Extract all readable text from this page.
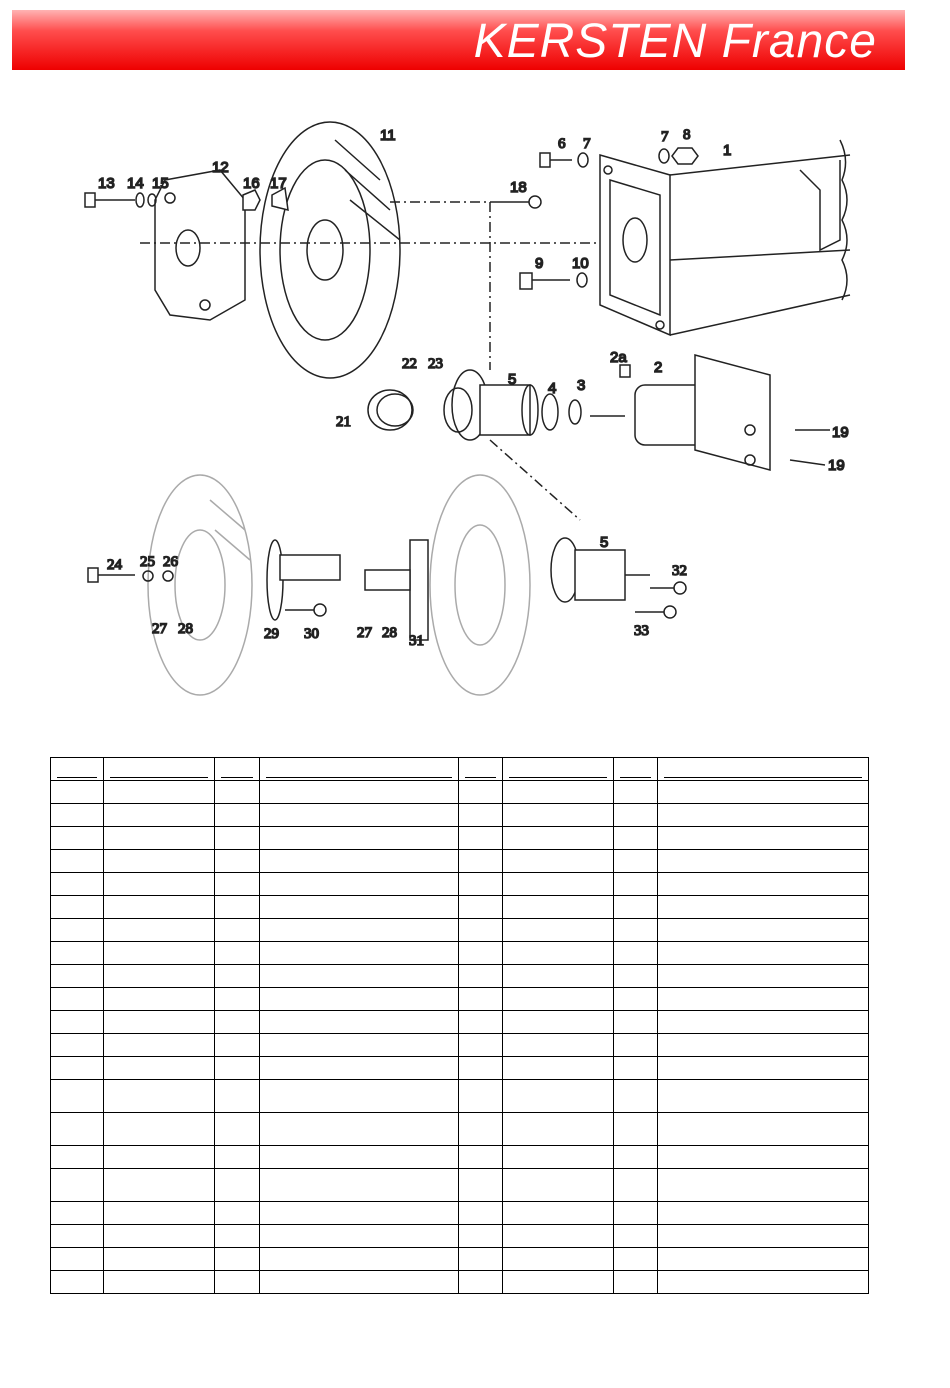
KERSTEN France
1
2
2a
3
4
5
5
6 7	7 8
9 10
11
12
13 14 15	16 17	18
19
19
21
22 23
24 25 26
27 28	29 30	27 28 31
32
33
